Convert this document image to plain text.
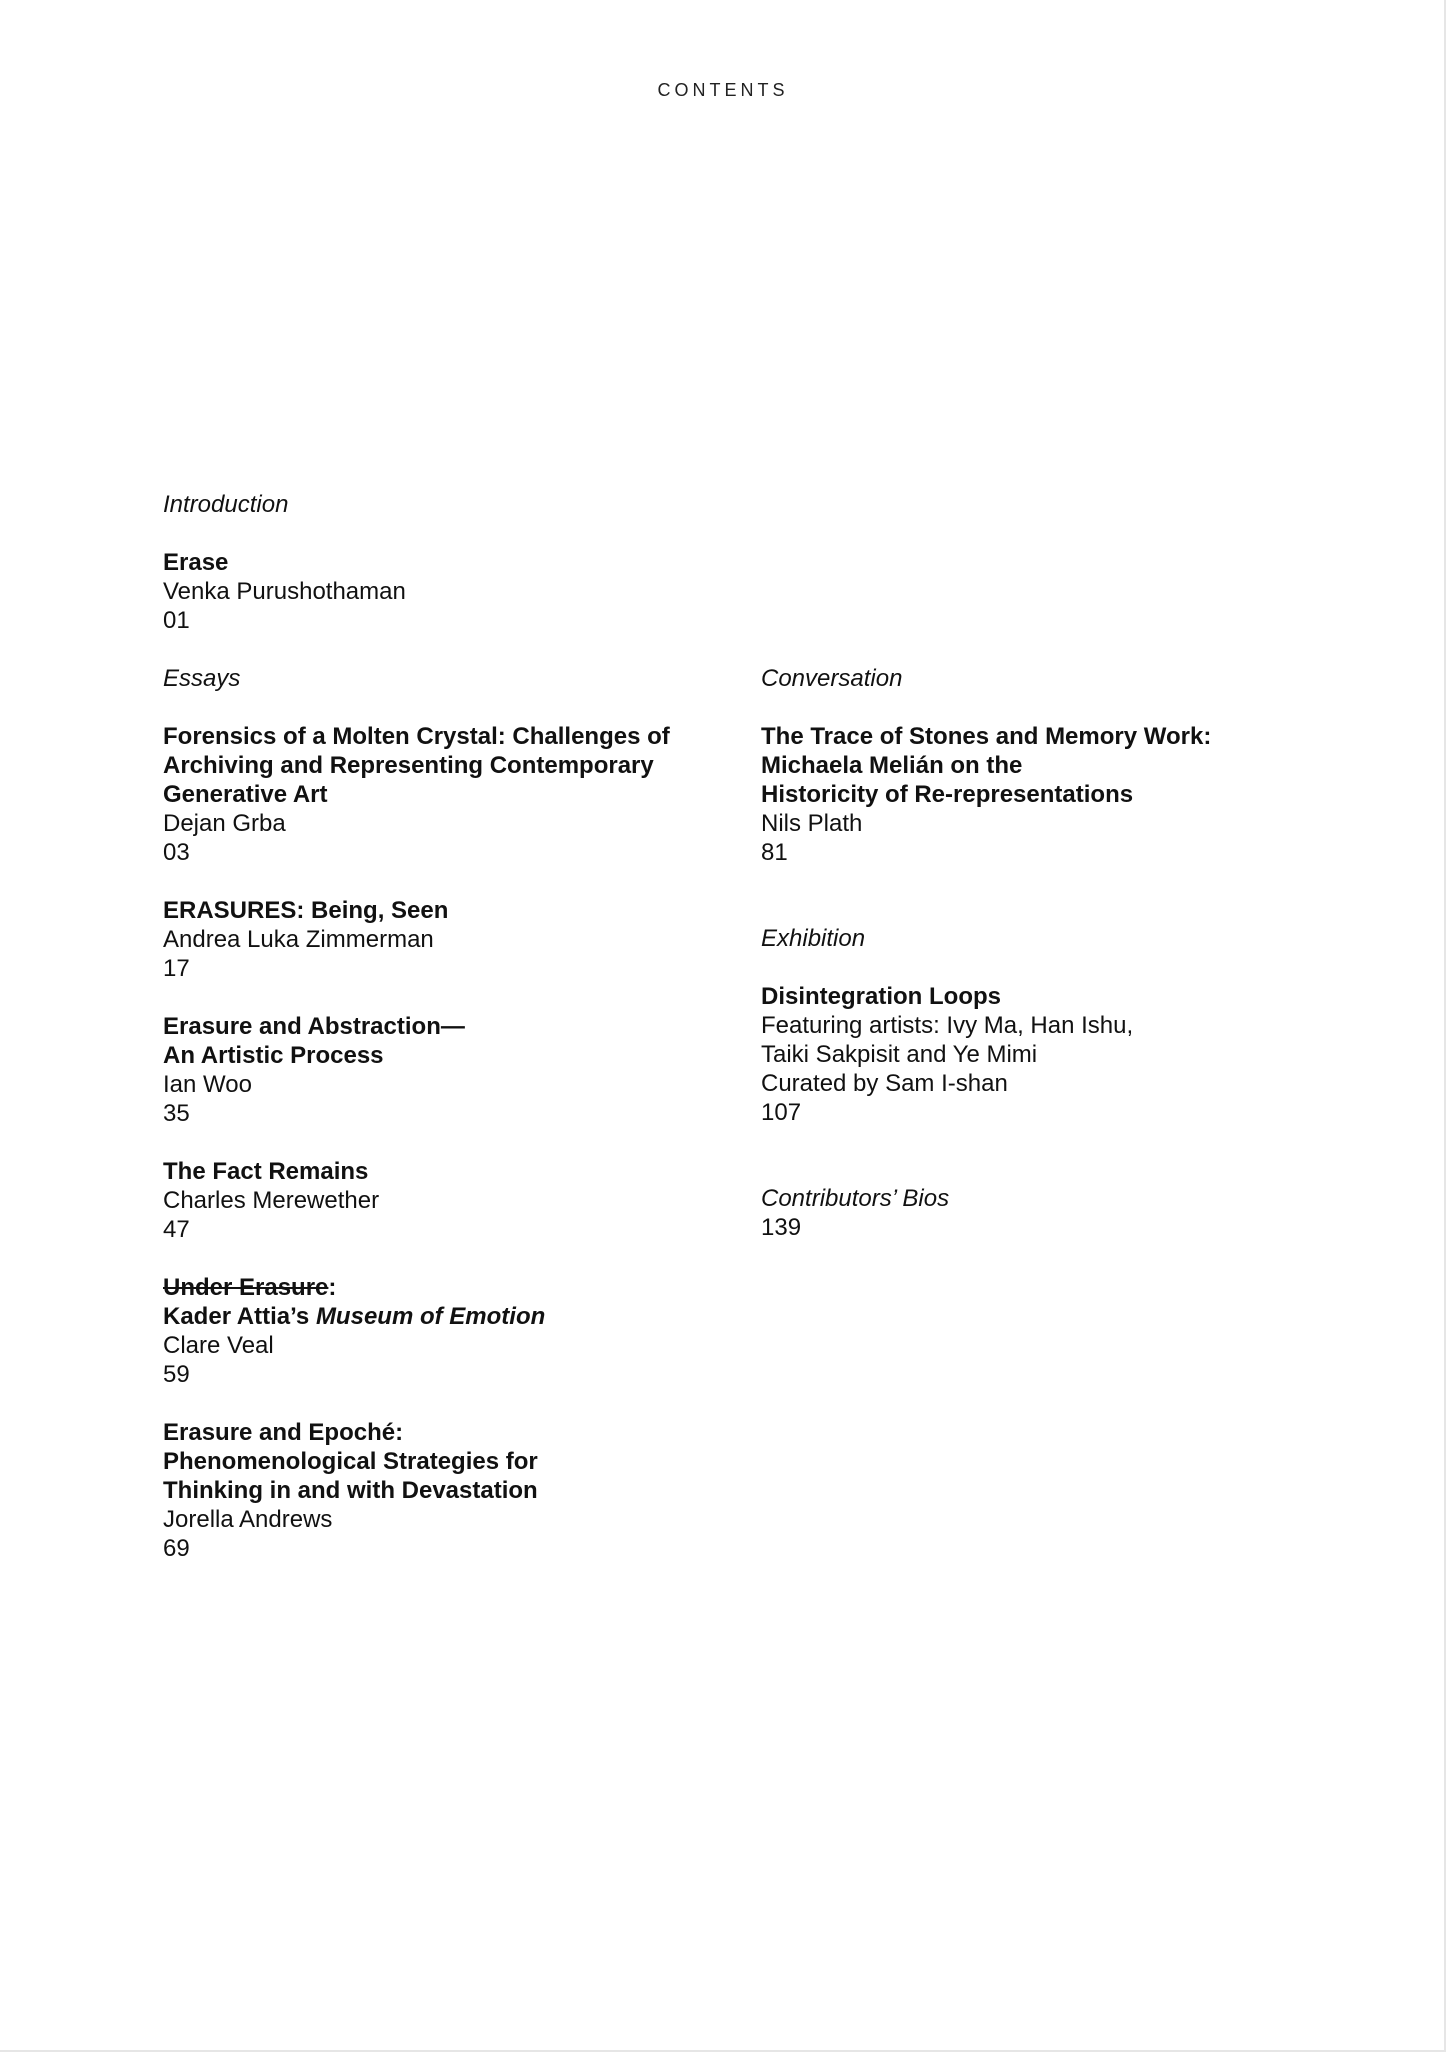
CONTENTS
Introduction
Erase
Venka Purushothaman
01
Essays
Forensics of a Molten Crystal: Challenges of
Archiving and Representing Contemporary
Generative Art
Dejan Grba
03
ERASURES: Being, Seen
Andrea Luka Zimmerman
17
Erasure and Abstraction—
An Artistic Process
Ian Woo
35
The Fact Remains
Charles Merewether
47
Under Erasure:
Kader Attia’s Museum of Emotion
Clare Veal
59
Erasure and Epoché:
Phenomenological Strategies for
Thinking in and with Devastation
Jorella Andrews
69
Conversation
The Trace of Stones and Memory Work:
Michaela Melián on the
Historicity of Re-representations
Nils Plath
81
Exhibition
Disintegration Loops
Featuring artists: Ivy Ma, Han Ishu,
Taiki Sakpisit and Ye Mimi
Curated by Sam I-shan
107
Contributors’ Bios
139
